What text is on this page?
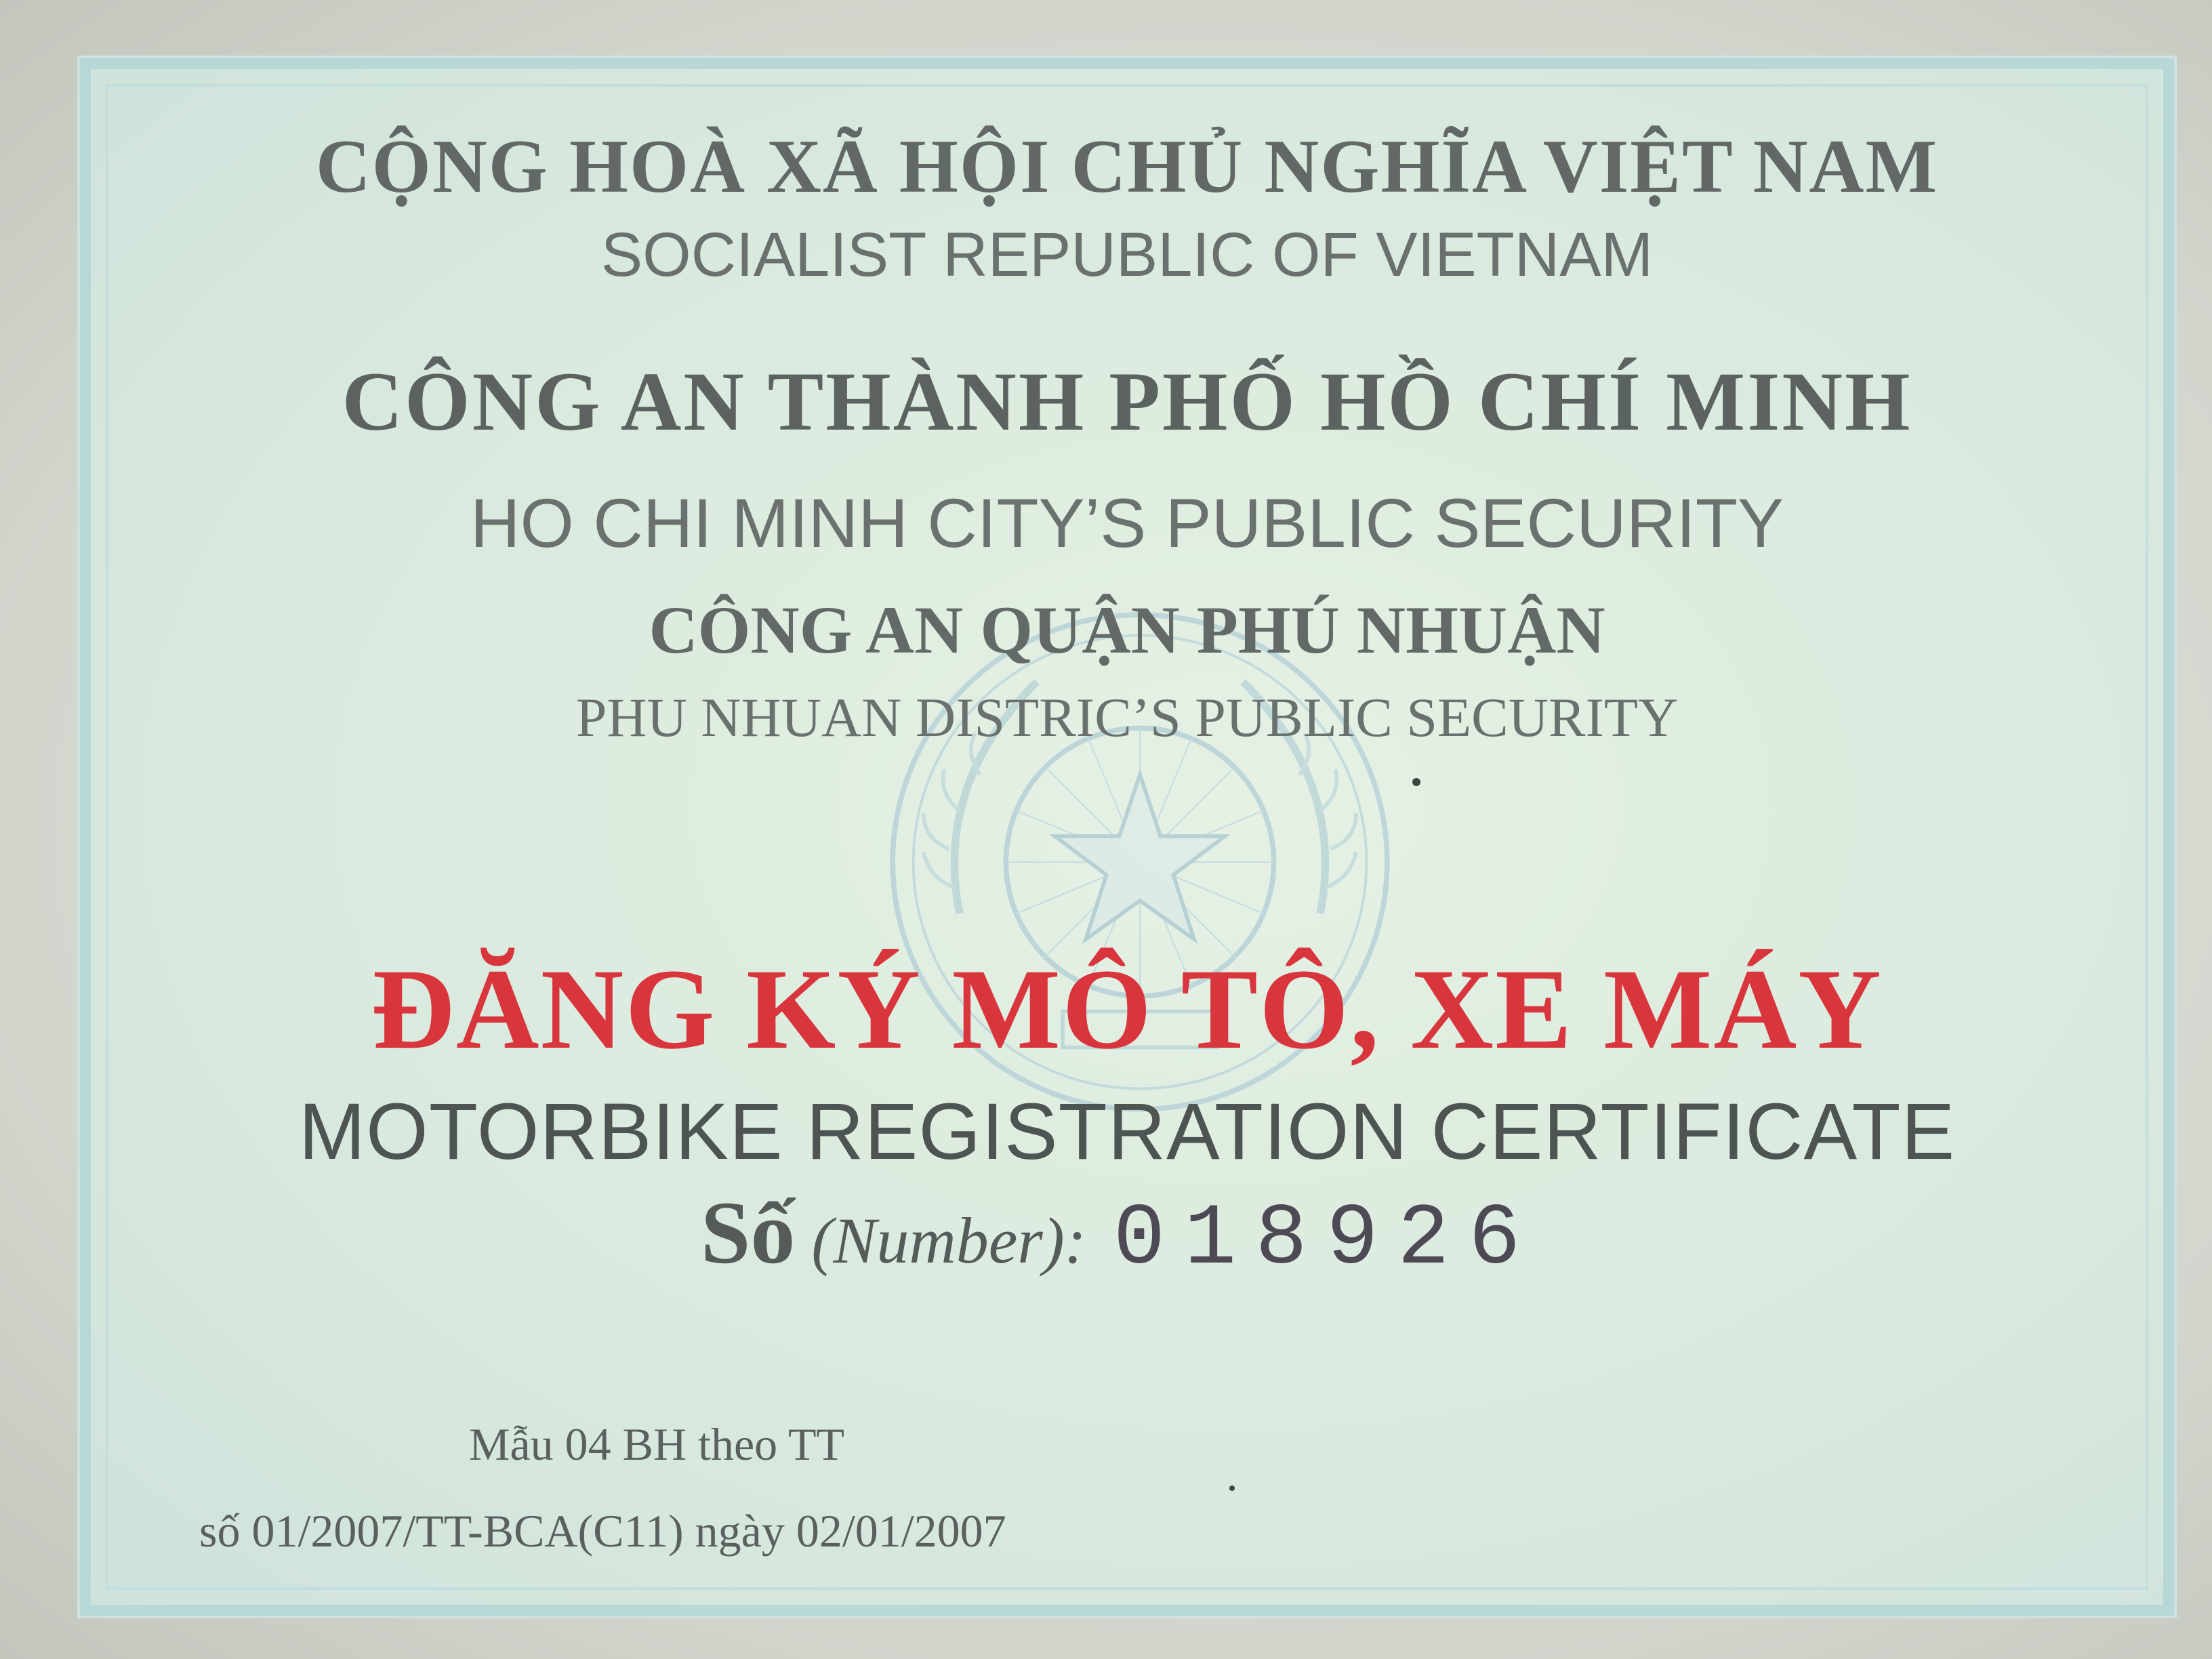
CỘNG HOÀ XÃ HỘI CHỦ NGHĨA VIỆT NAM
SOCIALIST REPUBLIC OF VIETNAM
CÔNG AN THÀNH PHỐ HỒ CHÍ MINH
HO CHI MINH CITY’S PUBLIC SECURITY
CÔNG AN QUẬN PHÚ NHUẬN
PHU NHUAN DISTRIC’S PUBLIC SECURITY
ĐĂNG KÝ MÔ TÔ, XE MÁY
MOTORBIKE REGISTRATION CERTIFICATE
Số (Number): 018926
Mẫu 04 BH theo TT
số 01/2007/TT-BCA(C11) ngày 02/01/2007
